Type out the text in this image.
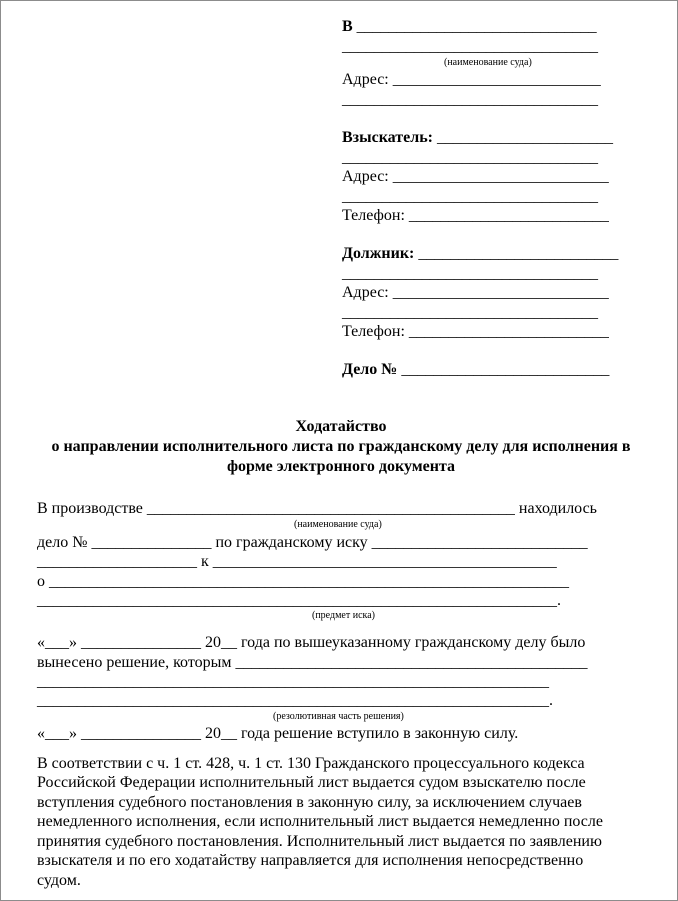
В ______________________________
________________________________
(наименование суда)
Адрес: __________________________
________________________________
Взыскатель: ______________________
________________________________
Адрес: ___________________________
________________________________
Телефон: _________________________
Должник: _________________________
________________________________
Адрес: ___________________________
________________________________
Телефон: _________________________
Дело № __________________________
Ходатайство
о направлении исполнительного листа по гражданскому делу для исполнения в
форме электронного документа
В производстве ______________________________________________ находилось
(наименование суда)
дело № _______________ по гражданскому иску ___________________________
____________________ к ___________________________________________
о _________________________________________________________________
_________________________________________________________________.
(предмет иска)
«___» _______________ 20__ года по вышеуказанному гражданскому делу было
вынесено решение, которым ____________________________________________
________________________________________________________________
________________________________________________________________.
(резолютивная часть решения)
«___» _______________ 20__ года решение вступило в законную силу.
В соответствии с ч. 1 ст. 428, ч. 1 ст. 130 Гражданского процессуального кодекса
Российской Федерации исполнительный лист выдается судом взыскателю после
вступления судебного постановления в законную силу, за исключением случаев
немедленного исполнения, если исполнительный лист выдается немедленно после
принятия судебного постановления. Исполнительный лист выдается по заявлению
взыскателя и по его ходатайству направляется для исполнения непосредственно
судом.
